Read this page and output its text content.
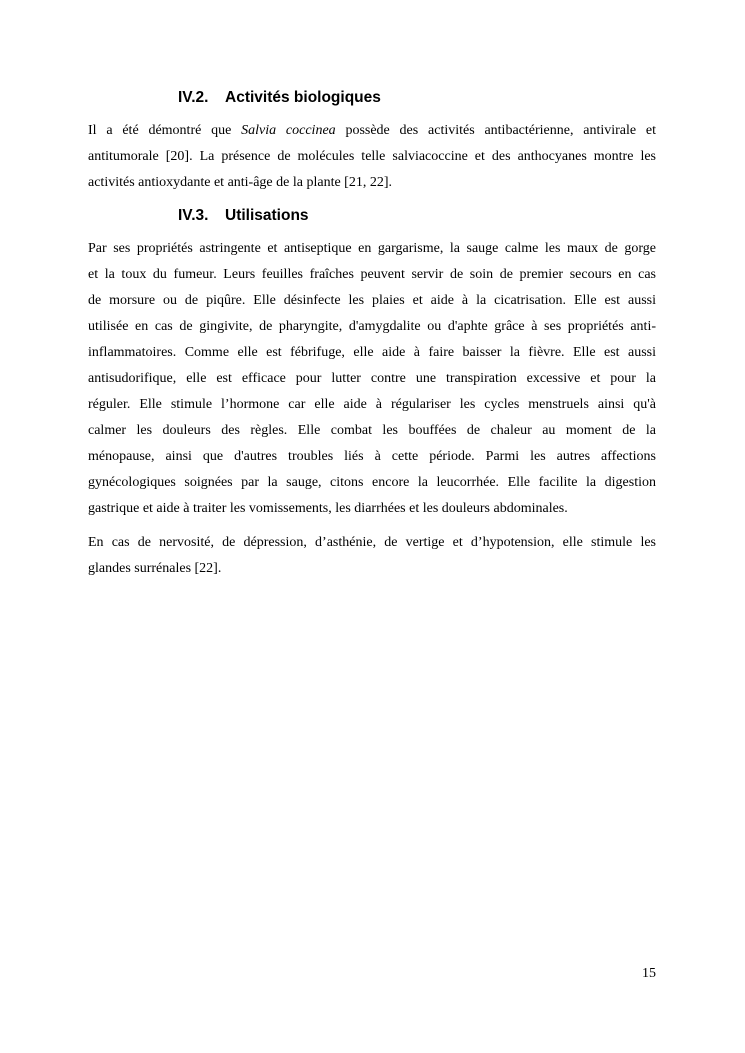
IV.2. Activités biologiques
Il a été démontré que Salvia coccinea possède des activités antibactérienne, antivirale et
antitumorale [20]. La présence de molécules telle salviacoccine et des anthocyanes montre les
activités antioxydante et anti-âge de la plante [21, 22].
IV.3. Utilisations
Par ses propriétés astringente et antiseptique en gargarisme, la sauge calme les maux de gorge
et la toux du fumeur. Leurs feuilles fraîches peuvent servir de soin de premier secours en cas
de morsure ou de piqûre. Elle désinfecte les plaies et aide à la cicatrisation. Elle est aussi
utilisée en cas de gingivite, de pharyngite, d'amygdalite ou d'aphte grâce à ses propriétés anti-
inflammatoires. Comme elle est fébrifuge, elle aide à faire baisser la fièvre. Elle est aussi
antisudorifique, elle est efficace pour lutter contre une transpiration excessive et pour la
réguler. Elle stimule l’hormone car elle aide à régulariser les cycles menstruels ainsi qu'à
calmer les douleurs des règles. Elle combat les bouffées de chaleur au moment de la
ménopause, ainsi que d'autres troubles liés à cette période. Parmi les autres affections
gynécologiques soignées par la sauge, citons encore la leucorrhée. Elle facilite la digestion
gastrique et aide à traiter les vomissements, les diarrhées et les douleurs abdominales.
En cas de nervosité, de dépression, d’asthénie, de vertige et d’hypotension, elle stimule les
glandes surrénales [22].
15
